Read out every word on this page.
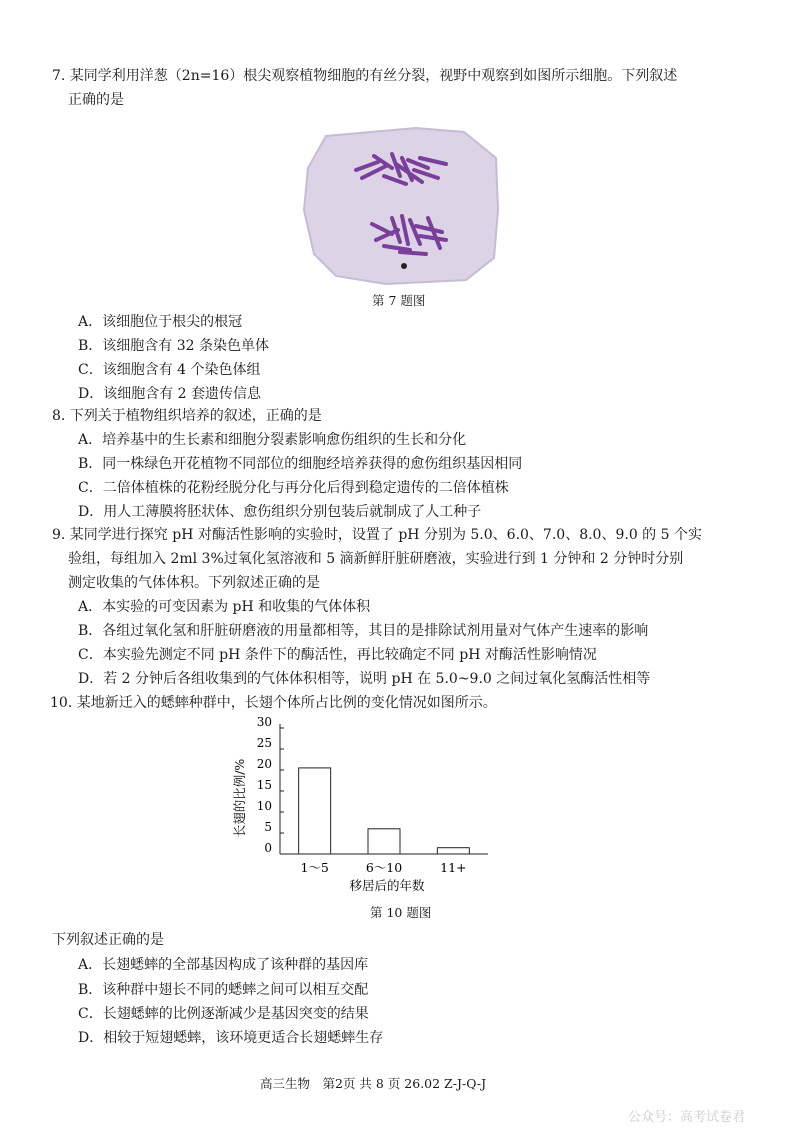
7. 某同学利用洋葱（2n=16）根尖观察植物细胞的有丝分裂，视野中观察到如图所示细胞。下列叙述
正确的是
第 7 题图
A．该细胞位于根尖的根冠
B．该细胞含有 32 条染色单体
C．该细胞含有 4 个染色体组
D．该细胞含有 2 套遗传信息
8. 下列关于植物组织培养的叙述，正确的是
A．培养基中的生长素和细胞分裂素影响愈伤组织的生长和分化
B．同一株绿色开花植物不同部位的细胞经培养获得的愈伤组织基因相同
C．二倍体植株的花粉经脱分化与再分化后得到稳定遗传的二倍体植株
D．用人工薄膜将胚状体、愈伤组织分别包装后就制成了人工种子
9. 某同学进行探究 pH 对酶活性影响的实验时，设置了 pH 分别为 5.0、6.0、7.0、8.0、9.0 的 5 个实
验组，每组加入 2ml 3%过氧化氢溶液和 5 滴新鲜肝脏研磨液，实验进行到 1 分钟和 2 分钟时分别
测定收集的气体体积。下列叙述正确的是
A．本实验的可变因素为 pH 和收集的气体体积
B．各组过氧化氢和肝脏研磨液的用量都相等，其目的是排除试剂用量对气体产生速率的影响
C．本实验先测定不同 pH 条件下的酶活性，再比较确定不同 pH 对酶活性影响情况
D．若 2 分钟后各组收集到的气体体积相等，说明 pH 在 5.0~9.0 之间过氧化氢酶活性相等
10. 某地新迁入的蟋蟀种群中，长翅个体所占比例的变化情况如图所示。
0
5
10
15
20
25
30
1～5	6～10	11+
长翅的比例/%
移居后的年数
第 10 题图
下列叙述正确的是
A．长翅蟋蟀的全部基因构成了该种群的基因库
B．该种群中翅长不同的蟋蟀之间可以相互交配
C．长翅蟋蟀的比例逐渐减少是基因突变的结果
D．相较于短翅蟋蟀，该环境更适合长翅蟋蟀生存
高三生物　第2页 共 8 页 26.02 Z-J-Q-J
公众号：高考试卷君
